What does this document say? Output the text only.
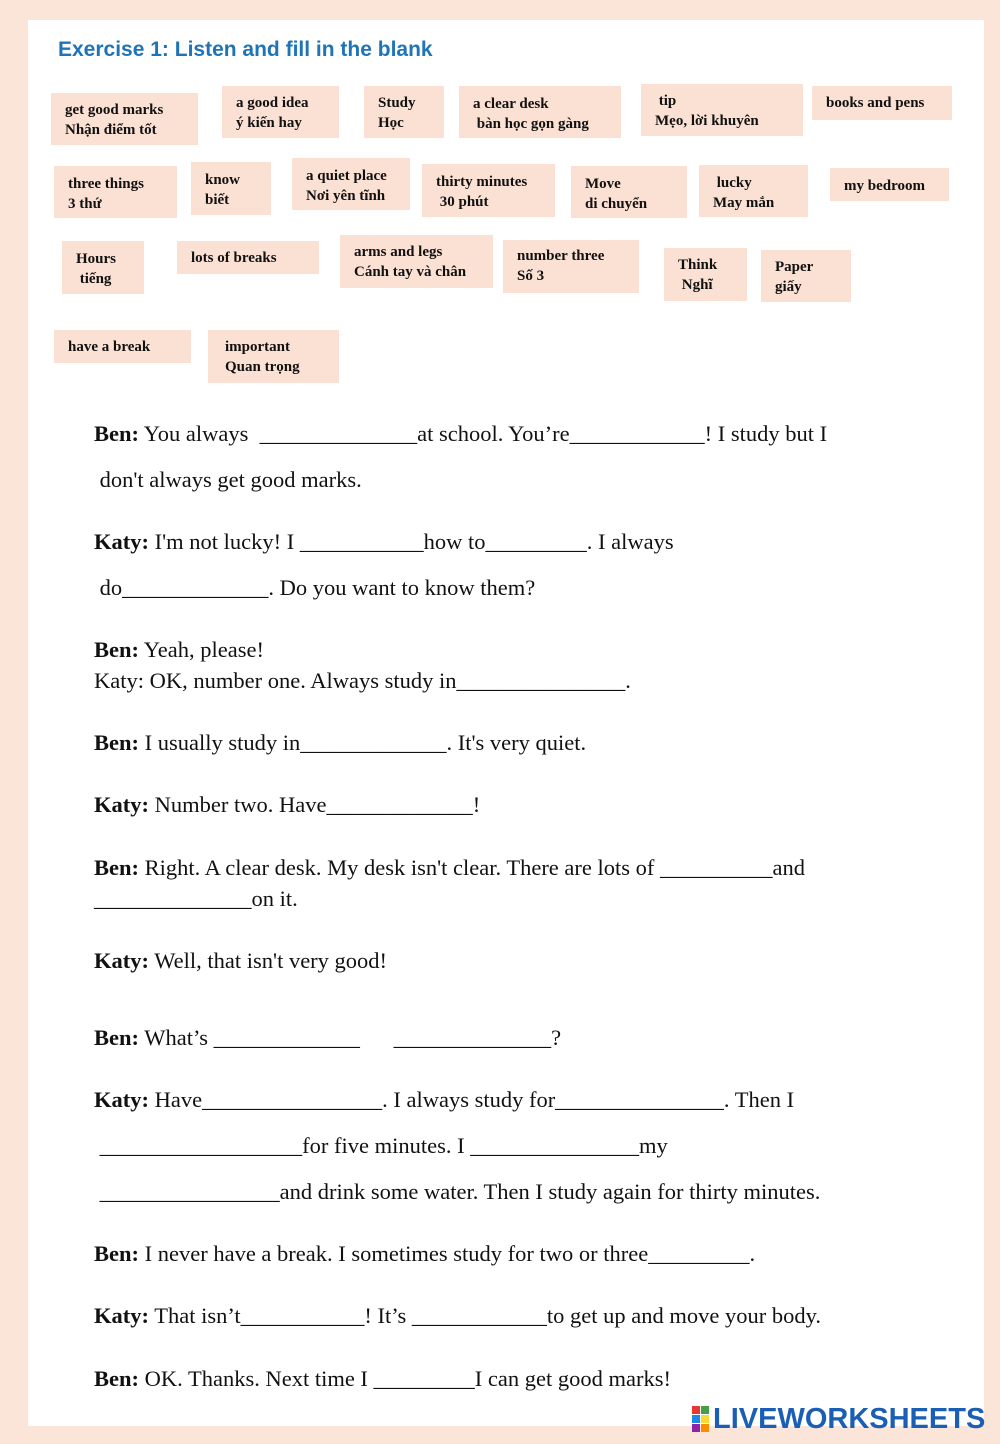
Exercise 1: Listen and fill in the blank
get good marks
Nhận điểm tốt
a good idea
ý kiến hay
Study
Học
a clear desk
bàn học gọn gàng
tip
Mẹo, lời khuyên
books and pens
three things
3 thứ
know
biết
a quiet place
Nơi yên tĩnh
thirty minutes
30 phút
Move
di chuyển
lucky
May mắn
my bedroom
Hours
tiếng
lots of breaks	arms and legs
Cánh tay và chân
number three
Số 3
Think
Nghĩ
Paper
giấy
have a break	important
Quan trọng
Ben: You always  ______________at school. You’re____________! I study but I
don't always get good marks.
Katy: I'm not lucky! I ___________how to_________. I always
do_____________. Do you want to know them?
Ben: Yeah, please!
Katy: OK, number one. Always study in_______________.
Ben: I usually study in_____________. It's very quiet.
Katy: Number two. Have_____________!
Ben: Right. A clear desk. My desk isn't clear. There are lots of __________and
______________on it.
Katy: Well, that isn't very good!
Ben: What’s _____________      ______________?
Katy: Have________________. I always study for_______________. Then I
__________________for five minutes. I _______________my
________________and drink some water. Then I study again for thirty minutes.
Ben: I never have a break. I sometimes study for two or three_________.
Katy: That isn’t___________! It’s ____________to get up and move your body.
Ben: OK. Thanks. Next time I _________I can get good marks!
LIVEWORKSHEETS
